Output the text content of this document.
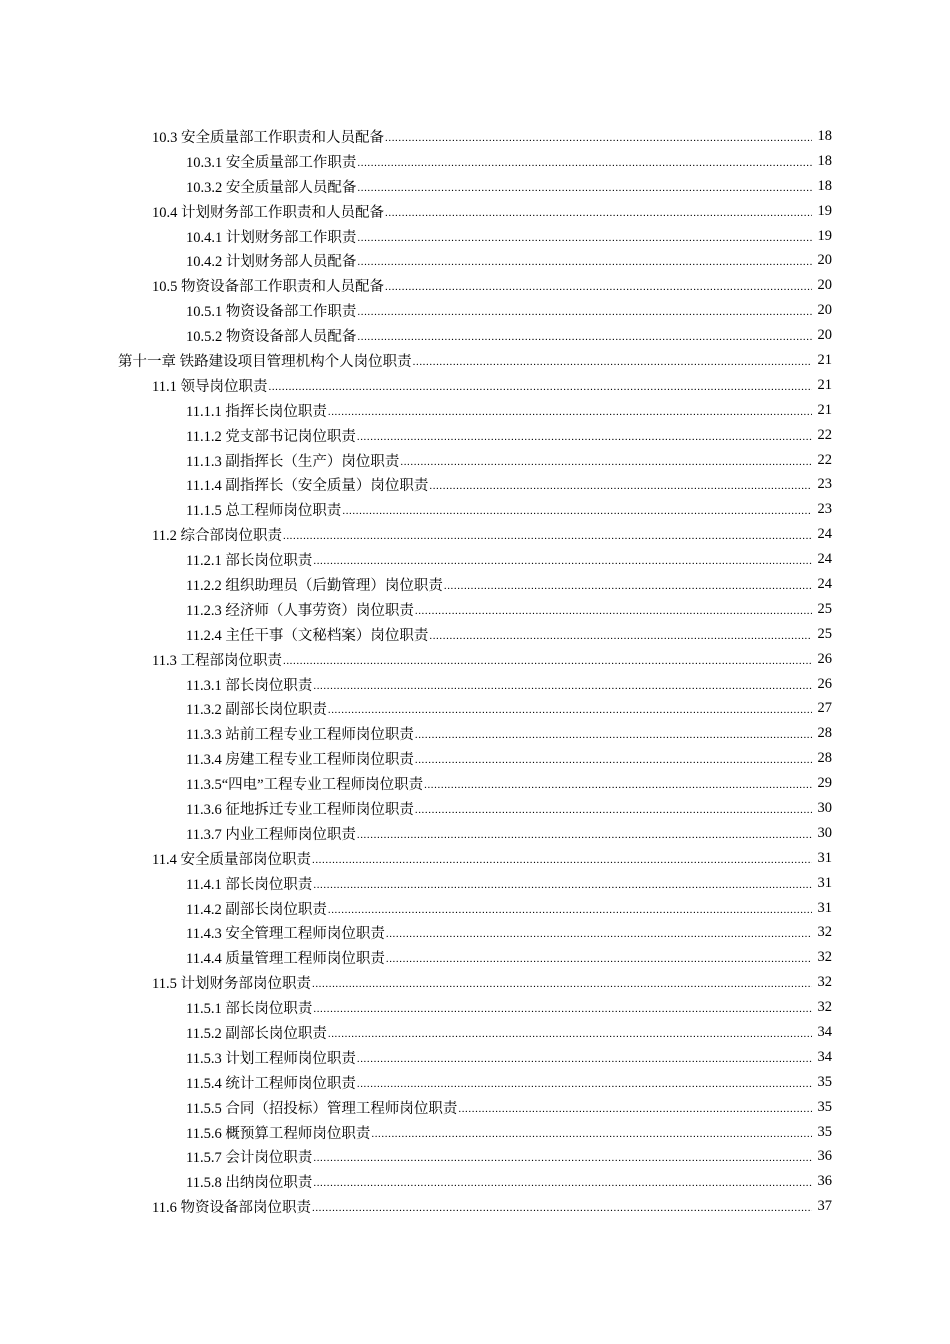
10.3 安全质量部工作职责和人员配备 .....	18
10.3.1 安全质量部工作职责 .....	18
10.3.2 安全质量部人员配备 .....	18
10.4 计划财务部工作职责和人员配备 .....	19
10.4.1 计划财务部工作职责 .....	19
10.4.2 计划财务部人员配备 .....	20
10.5 物资设备部工作职责和人员配备 .....	20
10.5.1 物资设备部工作职责 .....	20
10.5.2 物资设备部人员配备 .....	20
第十一章 铁路建设项目管理机构个人岗位职责 .....	21
11.1 领导岗位职责 .....	21
11.1.1 指挥长岗位职责 .....	21
11.1.2 党支部书记岗位职责 .....	22
11.1.3 副指挥长（生产）岗位职责 .....	22
11.1.4 副指挥长（安全质量）岗位职责 .....	23
11.1.5 总工程师岗位职责 .....	23
11.2 综合部岗位职责 .....	24
11.2.1 部长岗位职责 .....	24
11.2.2 组织助理员（后勤管理）岗位职责 .....	24
11.2.3 经济师（人事劳资）岗位职责 .....	25
11.2.4 主任干事（文秘档案）岗位职责 .....	25
11.3 工程部岗位职责 .....	26
11.3.1 部长岗位职责 .....	26
11.3.2 副部长岗位职责 .....	27
11.3.3 站前工程专业工程师岗位职责 .....	28
11.3.4 房建工程专业工程师岗位职责 .....	28
11.3.5“四电”工程专业工程师岗位职责 .....	29
11.3.6 征地拆迁专业工程师岗位职责 .....	30
11.3.7 内业工程师岗位职责 .....	30
11.4 安全质量部岗位职责 .....	31
11.4.1 部长岗位职责 .....	31
11.4.2 副部长岗位职责 .....	31
11.4.3 安全管理工程师岗位职责 .....	32
11.4.4 质量管理工程师岗位职责 .....	32
11.5 计划财务部岗位职责 .....	32
11.5.1 部长岗位职责 .....	32
11.5.2 副部长岗位职责 .....	34
11.5.3 计划工程师岗位职责 .....	34
11.5.4 统计工程师岗位职责 .....	35
11.5.5 合同（招投标）管理工程师岗位职责 .....	35
11.5.6 概预算工程师岗位职责 .....	35
11.5.7 会计岗位职责 .....	36
11.5.8 出纳岗位职责 .....	36
11.6 物资设备部岗位职责 .....	37
